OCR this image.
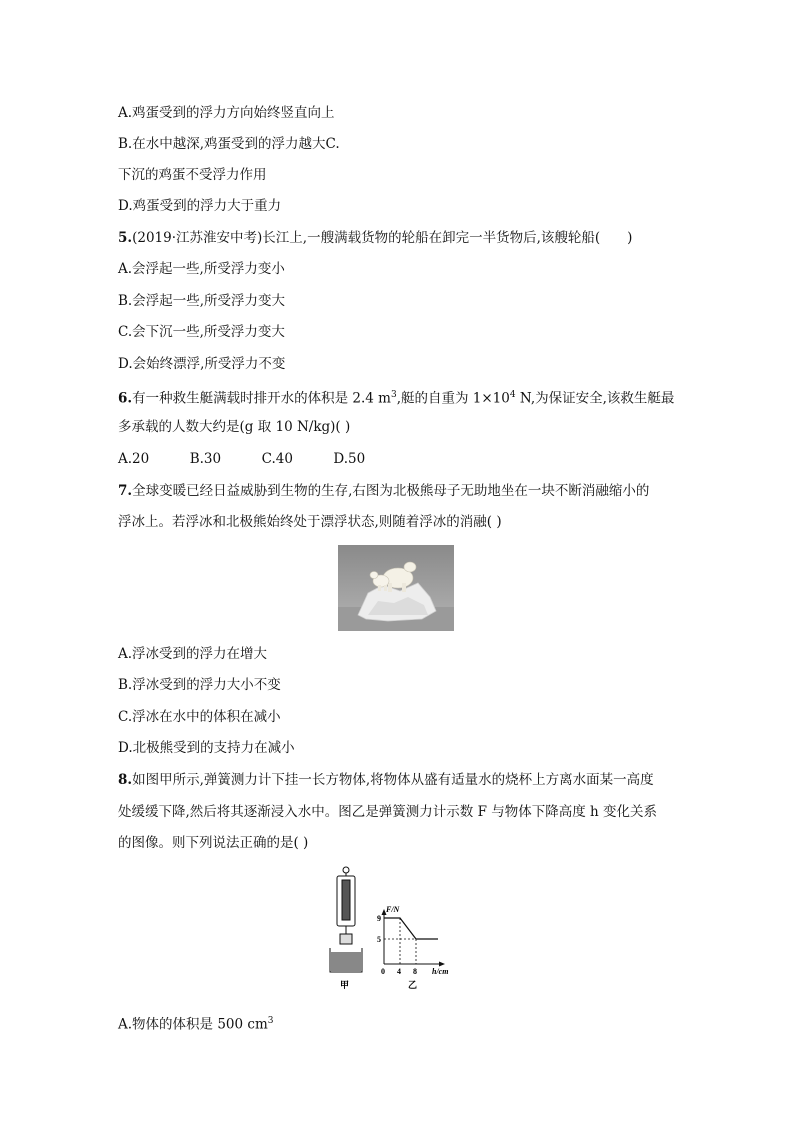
A.鸡蛋受到的浮力方向始终竖直向上
B.在水中越深,鸡蛋受到的浮力越大C.
下沉的鸡蛋不受浮力作用
D.鸡蛋受到的浮力大于重力
5.(2019·江苏淮安中考)长江上,一艘满载货物的轮船在卸完一半货物后,该艘轮船(　　)
A.会浮起一些,所受浮力变小
B.会浮起一些,所受浮力变大
C.会下沉一些,所受浮力变大
D.会始终漂浮,所受浮力不变
6.有一种救生艇满载时排开水的体积是 2.4 $m^3$,艇的自重为 $1\times 10^4$ N,为保证安全,该救生艇最
多承载的人数大约是(g 取 10 N/kg)( )
A.20　　　B.30　　　C.40　　　D.50
7.全球变暖已经日益威胁到生物的生存,右图为北极熊母子无助地坐在一块不断消融缩小的
浮冰上。若浮冰和北极熊始终处于漂浮状态,则随着浮冰的消融( )
A.浮冰受到的浮力在增大
B.浮冰受到的浮力大小不变
C.浮冰在水中的体积在减小
D.北极熊受到的支持力在减小
8.如图甲所示,弹簧测力计下挂一长方物体,将物体从盛有适量水的烧杯上方离水面某一高度
处缓缓下降,然后将其逐渐浸入水中。图乙是弹簧测力计示数 F 与物体下降高度 h 变化关系
的图像。则下列说法正确的是( )
F/N
9
5
0 4 8 h/cm
甲	乙
A.物体的体积是 500 $cm^3$
